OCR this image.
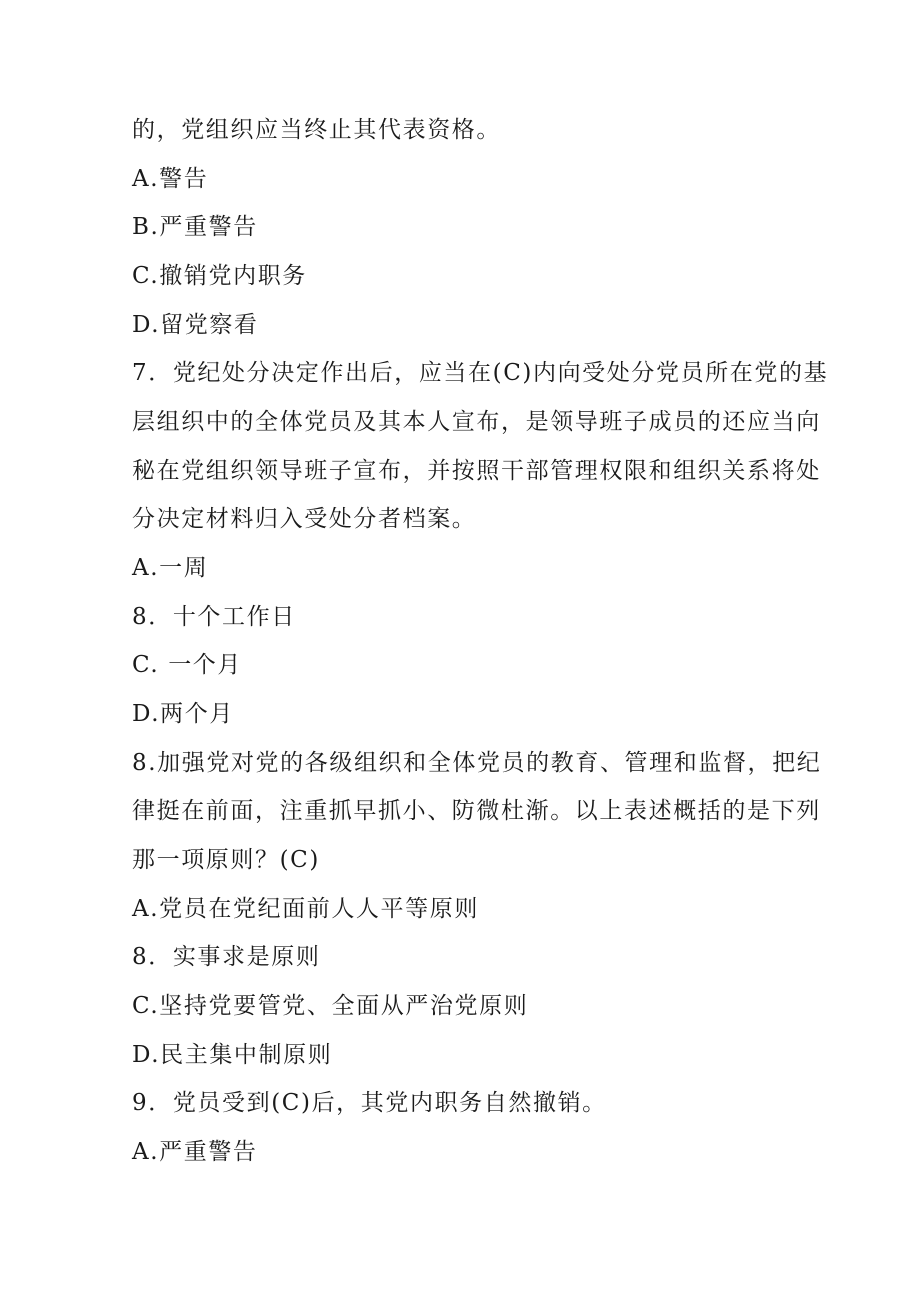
的，党组织应当终止其代表资格。
A.警告
B.严重警告
C.撤销党内职务
D.留党察看
7．党纪处分决定作出后，应当在(C)内向受处分党员所在党的基
层组织中的全体党员及其本人宣布，是领导班子成员的还应当向
秘在党组织领导班子宣布，并按照干部管理权限和组织关系将处
分决定材料归入受处分者档案。
A.一周
8．十个工作日
C. 一个月
D.两个月
8.加强党对党的各级组织和全体党员的教育、管理和监督，把纪
律挺在前面，注重抓早抓小、防微杜渐。以上表述概括的是下列
那一项原则？(C)
A.党员在党纪面前人人平等原则
8．实事求是原则
C.坚持党要管党、全面从严治党原则
D.民主集中制原则
9．党员受到(C)后，其党内职务自然撤销。
A.严重警告
